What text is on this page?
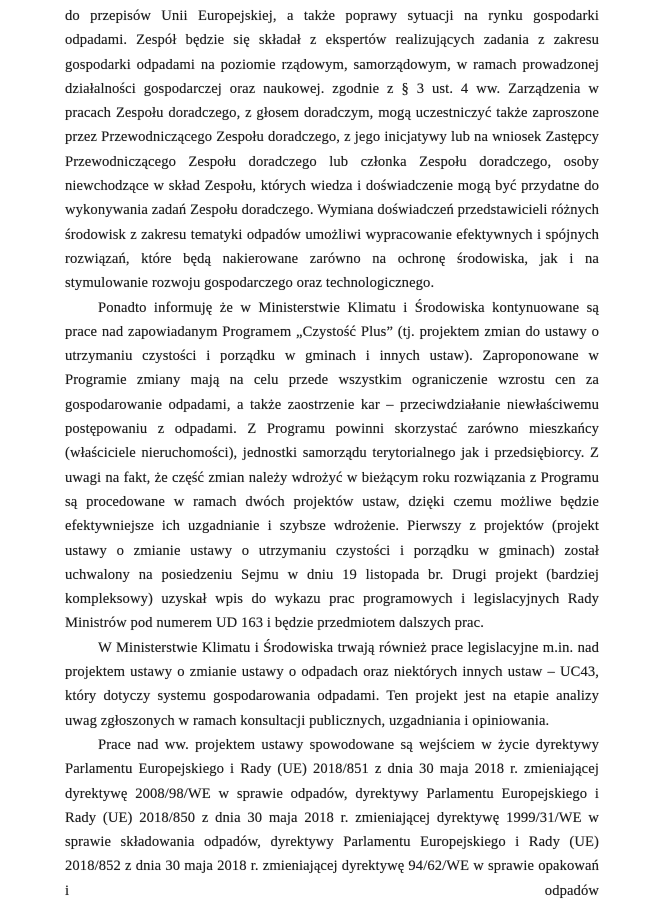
do przepisów Unii Europejskiej, a także poprawy sytuacji na rynku gospodarki odpadami. Zespół będzie się składał z ekspertów realizujących zadania z zakresu gospodarki odpadami na poziomie rządowym, samorządowym, w ramach prowadzonej działalności gospodarczej oraz naukowej. zgodnie z § 3 ust. 4 ww. Zarządzenia w pracach Zespołu doradczego, z głosem doradczym, mogą uczestniczyć także zaproszone przez Przewodniczącego Zespołu doradczego, z jego inicjatywy lub na wniosek Zastępcy Przewodniczącego Zespołu doradczego lub członka Zespołu doradczego, osoby niewchodzące w skład Zespołu, których wiedza i doświadczenie mogą być przydatne do wykonywania zadań Zespołu doradczego. Wymiana doświadczeń przedstawicieli różnych środowisk z zakresu tematyki odpadów umożliwi wypracowanie efektywnych i spójnych rozwiązań, które będą nakierowane zarówno na ochronę środowiska, jak i na stymulowanie rozwoju gospodarczego oraz technologicznego.

Ponadto informuję że w Ministerstwie Klimatu i Środowiska kontynuowane są prace nad zapowiadanym Programem „Czystość Plus” (tj. projektem zmian do ustawy o utrzymaniu czystości i porządku w gminach i innych ustaw). Zaproponowane w Programie zmiany mają na celu przede wszystkim ograniczenie wzrostu cen za gospodarowanie odpadami, a także zaostrzenie kar – przeciwdziałanie niewłaściwemu postępowaniu z odpadami. Z Programu powinni skorzystać zarówno mieszkańcy (właściciele nieruchomości), jednostki samorządu terytorialnego jak i przedsiębiorcy. Z uwagi na fakt, że część zmian należy wdrożyć w bieżącym roku rozwiązania z Programu są procedowane w ramach dwóch projektów ustaw, dzięki czemu możliwe będzie efektywniejsze ich uzgadnianie i szybsze wdrożenie. Pierwszy z projektów (projekt ustawy o zmianie ustawy o utrzymaniu czystości i porządku w gminach) został uchwalony na posiedzeniu Sejmu w dniu 19 listopada br. Drugi projekt (bardziej kompleksowy) uzyskał wpis do wykazu prac programowych i legislacyjnych Rady Ministrów pod numerem UD 163 i będzie przedmiotem dalszych prac.

W Ministerstwie Klimatu i Środowiska trwają również prace legislacyjne m.in. nad projektem ustawy o zmianie ustawy o odpadach oraz niektórych innych ustaw – UC43, który dotyczy systemu gospodarowania odpadami. Ten projekt jest na etapie analizy uwag zgłoszonych w ramach konsultacji publicznych, uzgadniania i opiniowania.

Prace nad ww. projektem ustawy spowodowane są wejściem w życie dyrektywy Parlamentu Europejskiego i Rady (UE) 2018/851 z dnia 30 maja 2018 r. zmieniającej dyrektywę 2008/98/WE w sprawie odpadów, dyrektywy Parlamentu Europejskiego i Rady (UE) 2018/850 z dnia 30 maja 2018 r. zmieniającej dyrektywę 1999/31/WE w sprawie składowania odpadów, dyrektywy Parlamentu Europejskiego i Rady (UE) 2018/852 z dnia 30 maja 2018 r. zmieniającej dyrektywę 94/62/WE w sprawie opakowań i odpadów
